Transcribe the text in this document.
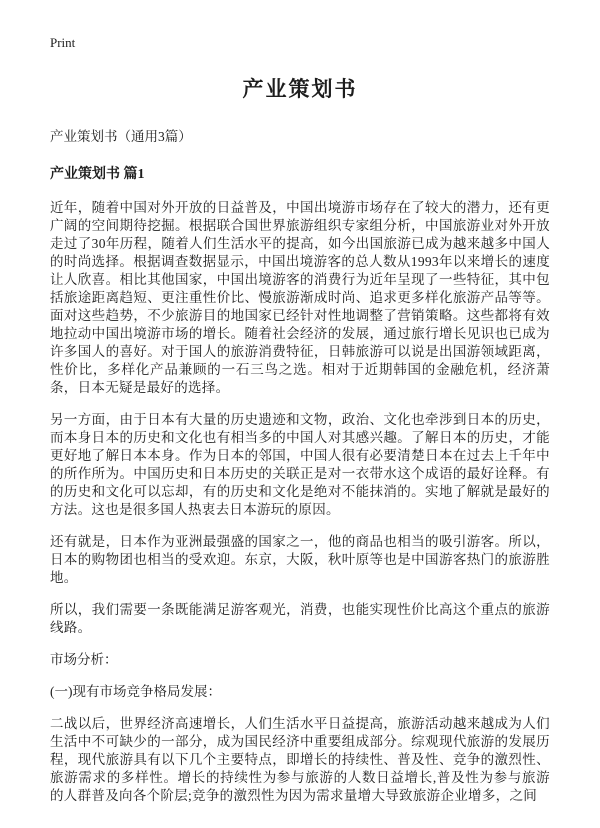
Print
产业策划书
产业策划书（通用3篇）
产业策划书 篇1

近年，随着中国对外开放的日益普及，中国出境游市场存在了较大的潜力，还有更广阔的空间期待挖掘。根据联合国世界旅游组织专家组分析，中国旅游业对外开放走过了30年历程，随着人们生活水平的提高，如今出国旅游已成为越来越多中国人的时尚选择。根据调查数据显示，中国出境游客的总人数从1993年以来增长的速度让人欣喜。相比其他国家，中国出境游客的消费行为近年呈现了一些特征，其中包括旅途距离趋短、更注重性价比、慢旅游渐成时尚、追求更多样化旅游产品等等。面对这些趋势，不少旅游目的地国家已经针对性地调整了营销策略。这些都将有效地拉动中国出境游市场的增长。随着社会经济的发展，通过旅行增长见识也已成为许多国人的喜好。对于国人的旅游消费特征，日韩旅游可以说是出国游领域距离，性价比，多样化产品兼顾的一石三鸟之选。相对于近期韩国的金融危机，经济萧条，日本无疑是最好的选择。

另一方面，由于日本有大量的历史遗迹和文物，政治、文化也牵涉到日本的历史，而本身日本的历史和文化也有相当多的中国人对其感兴趣。了解日本的历史，才能更好地了解日本本身。作为日本的邻国，中国人很有必要清楚日本在过去上千年中的所作所为。中国历史和日本历史的关联正是对一衣带水这个成语的最好诠释。有的历史和文化可以忘却，有的历史和文化是绝对不能抹消的。实地了解就是最好的方法。这也是很多国人热衷去日本游玩的原因。

还有就是，日本作为亚洲最强盛的国家之一，他的商品也相当的吸引游客。所以，日本的购物团也相当的受欢迎。东京，大阪，秋叶原等也是中国游客热门的旅游胜地。

所以，我们需要一条既能满足游客观光，消费，也能实现性价比高这个重点的旅游线路。

市场分析：

(一)现有市场竞争格局发展：

二战以后，世界经济高速增长，人们生活水平日益提高，旅游活动越来越成为人们生活中不可缺少的一部分，成为国民经济中重要组成部分。综观现代旅游的发展历程，现代旅游具有以下几个主要特点，即增长的持续性、普及性、竞争的激烈性、旅游需求的多样性。增长的持续性为参与旅游的人数日益增长,普及性为参与旅游的人群普及向各个阶层;竞争的激烈性为因为需求量增大导致旅游企业增多，之间
